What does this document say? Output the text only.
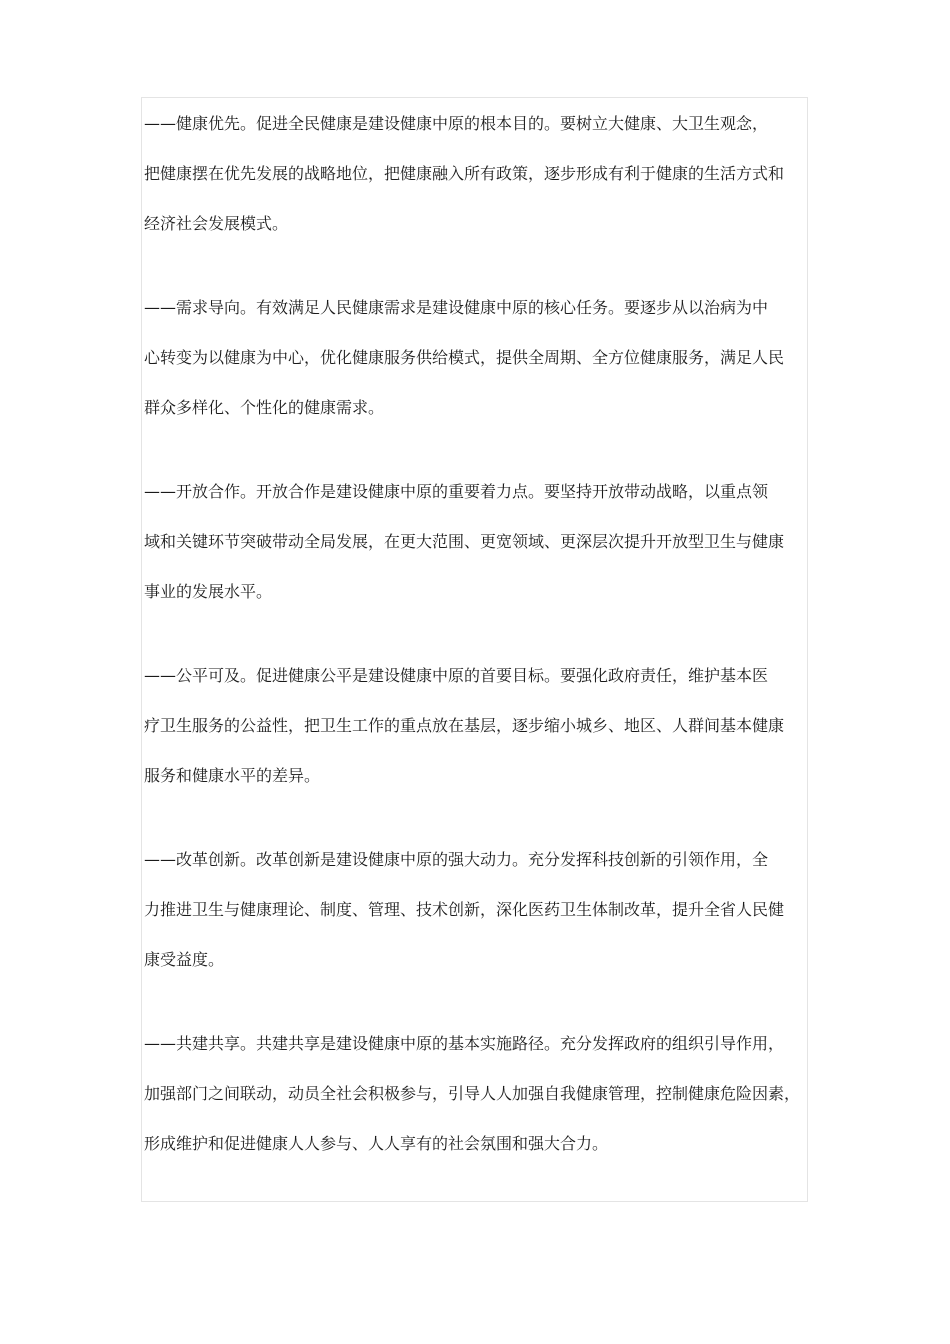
——健康优先。促进全民健康是建设健康中原的根本目的。要树立大健康、大卫生观念，
把健康摆在优先发展的战略地位，把健康融入所有政策，逐步形成有利于健康的生活方式和
经济社会发展模式。

——需求导向。有效满足人民健康需求是建设健康中原的核心任务。要逐步从以治病为中
心转变为以健康为中心，优化健康服务供给模式，提供全周期、全方位健康服务，满足人民
群众多样化、个性化的健康需求。

——开放合作。开放合作是建设健康中原的重要着力点。要坚持开放带动战略，以重点领
域和关键环节突破带动全局发展，在更大范围、更宽领域、更深层次提升开放型卫生与健康
事业的发展水平。

——公平可及。促进健康公平是建设健康中原的首要目标。要强化政府责任，维护基本医
疗卫生服务的公益性，把卫生工作的重点放在基层，逐步缩小城乡、地区、人群间基本健康
服务和健康水平的差异。

——改革创新。改革创新是建设健康中原的强大动力。充分发挥科技创新的引领作用，全
力推进卫生与健康理论、制度、管理、技术创新，深化医药卫生体制改革，提升全省人民健
康受益度。

——共建共享。共建共享是建设健康中原的基本实施路径。充分发挥政府的组织引导作用，
加强部门之间联动，动员全社会积极参与，引导人人加强自我健康管理，控制健康危险因素，
形成维护和促进健康人人参与、人人享有的社会氛围和强大合力。
